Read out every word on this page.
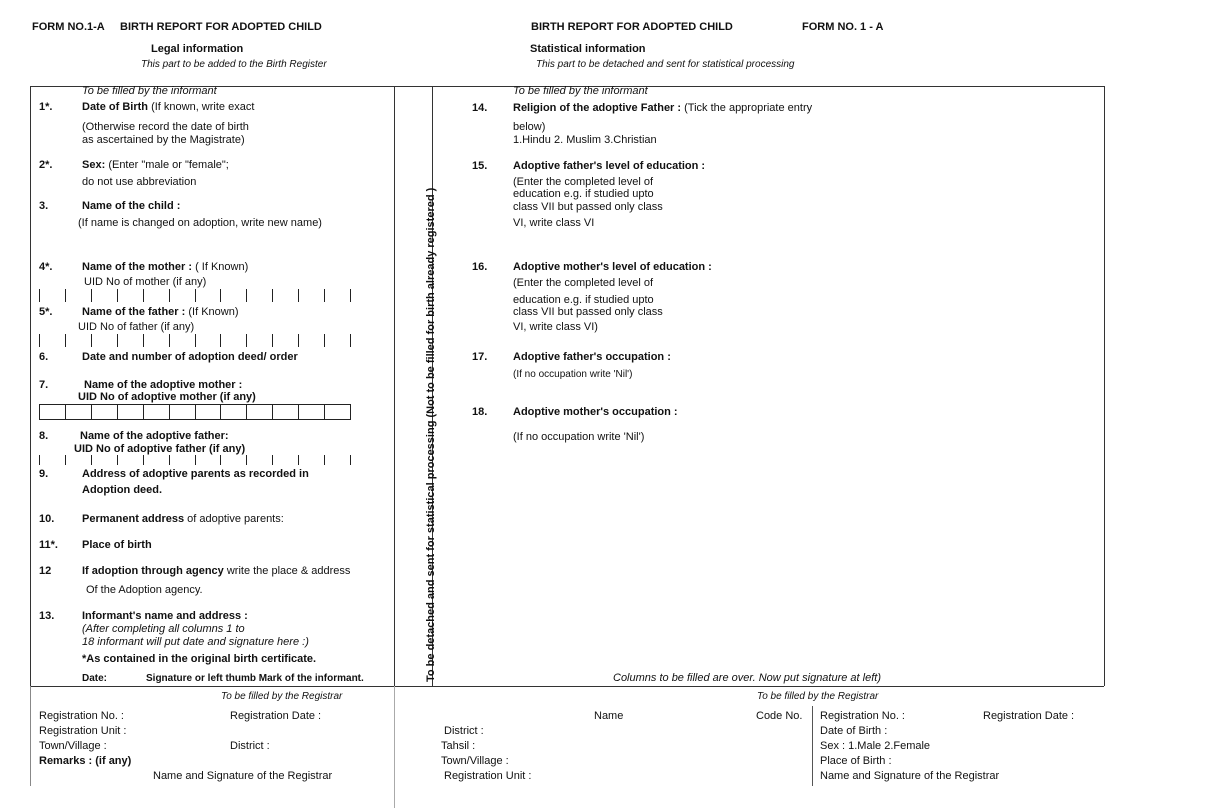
FORM NO.1-A BIRTH REPORT FOR ADOPTED CHILD
Legal information
This part to be added to the Birth Register
BIRTH REPORT FOR ADOPTED CHILD	FORM NO. 1 - A
Statistical information
This part to be detached and sent for statistical processing
To be detached and sent for statistical processing (Not to be filled for birth already registered )
To be filled by the informant
1*.	Date of Birth (If known, write exact
(Otherwise record the date of birth
as ascertained by the Magistrate)
2*.	Sex: (Enter "male or "female";
do not use abbreviation
3.	Name of the child :
(If name is changed on adoption, write new name)
4*.	Name of the mother : ( If Known)
UID No of mother (if any)
5*.	Name of the father : (If Known)
UID No of father (if any)
6.	Date and number of adoption deed/ order
7.	Name of the adoptive mother :
UID No of adoptive mother (if any)
8.	Name of the adoptive father:
UID No of adoptive father (if any)
9.	Address of adoptive parents as recorded in
Adoption deed.
10.	Permanent address of adoptive parents:
11*. Place of birth
12	If adoption through agency write the place & address
Of the Adoption agency.
13.	Informant's name and address :
(After completing all columns 1 to
18 informant will put date and signature here :)
*As contained in the original birth certificate.
Date:	Signature or left thumb Mark of the informant.
To be filled by the informant
14. Religion of the adoptive Father : (Tick the appropriate entry
below)
1.Hindu 2. Muslim 3.Christian
15. Adoptive father's level of education :
(Enter the completed level of
education e.g. if studied upto
class VII but passed only class
VI, write class VI
16. Adoptive mother's level of education :
(Enter the completed level of
education e.g. if studied upto
class VII but passed only class
VI, write class VI)
17. Adoptive father's occupation :
(If no occupation write 'Nil')
18. Adoptive mother's occupation :
(If no occupation write 'Nil')
Columns to be filled are over. Now put signature at left)
To be filled by the Registrar
Registration No. :	Registration Date :
Registration Unit :
Town/Village :	District :
Remarks : (if any)
Name and Signature of the Registrar
To be filled by the Registrar
Name	Code No.
District :
Tahsil :
Town/Village :
Registration Unit :
Registration No. :	Registration Date :
Date of Birth :
Sex : 1.Male 2.Female
Place of Birth :
Name and Signature of the Registrar
